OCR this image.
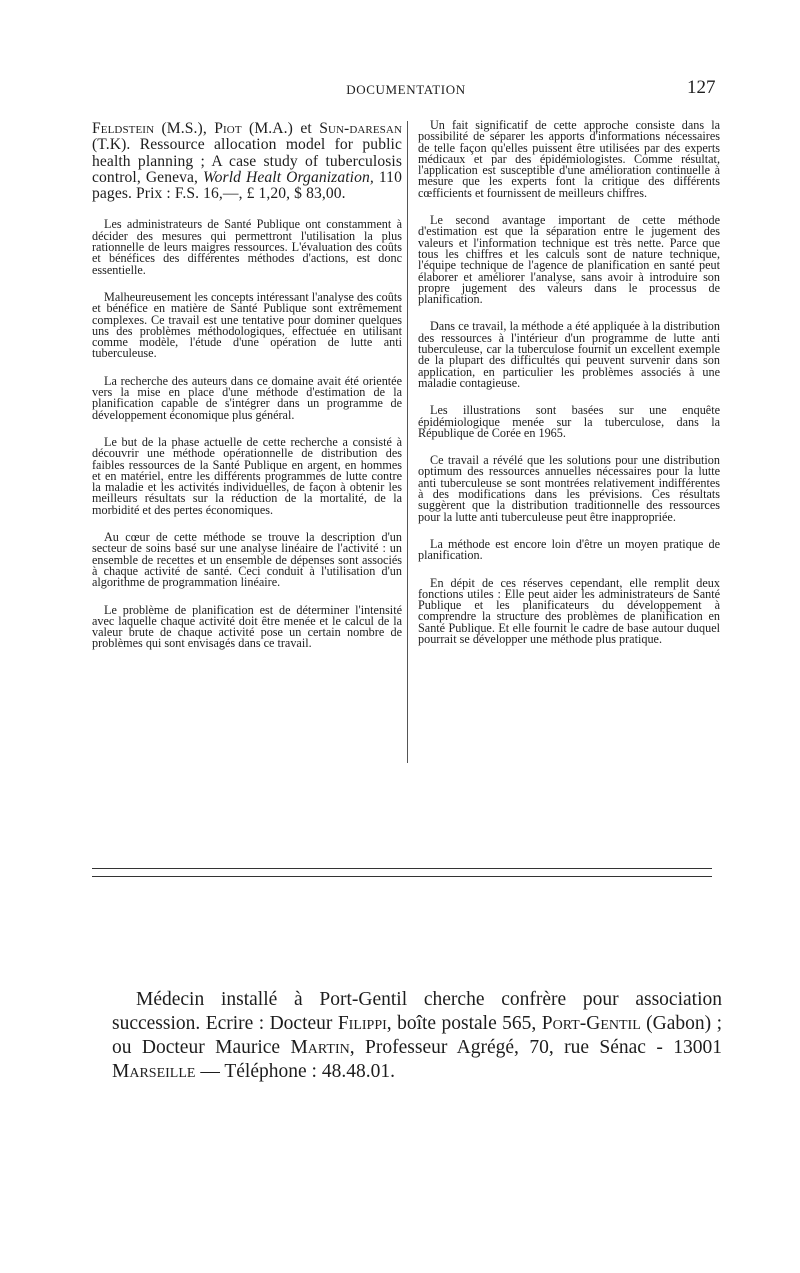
DOCUMENTATION	127

Feldstein (M.S.), Piot (M.A.) et Sun-daresan (T.K). Ressource allocation model for public health planning ; A case study of tuberculosis control, Geneva, World Healt Organization, 110 pages. Prix : F.S. 16,—, £ 1,20, $ 83,00.

Les administrateurs de Santé Publique ont constamment à décider des mesures qui permettront l'utilisation la plus rationnelle de leurs maigres ressources. L'évaluation des coûts et bénéfices des différentes méthodes d'actions, est donc essentielle.

Malheureusement les concepts intéressant l'analyse des coûts et bénéfice en matière de Santé Publique sont extrêmement complexes. Ce travail est une tentative pour dominer quelques uns des problèmes méthodologiques, effectuée en utilisant comme modèle, l'étude d'une opération de lutte anti tuberculeuse.

La recherche des auteurs dans ce domaine avait été orientée vers la mise en place d'une méthode d'estimation de la planification capable de s'intégrer dans un programme de développement économique plus général.

Le but de la phase actuelle de cette recherche a consisté à découvrir une méthode opérationnelle de distribution des faibles ressources de la Santé Publique en argent, en hommes et en matériel, entre les différents programmes de lutte contre la maladie et les activités individuelles, de façon à obtenir les meilleurs résultats sur la réduction de la mortalité, de la morbidité et des pertes économiques.

Au cœur de cette méthode se trouve la description d'un secteur de soins basé sur une analyse linéaire de l'activité : un ensemble de recettes et un ensemble de dépenses sont associés à chaque activité de santé. Ceci conduit à l'utilisation d'un algorithme de programmation linéaire.

Le problème de planification est de déterminer l'intensité avec laquelle chaque activité doit être menée et le calcul de la valeur brute de chaque activité pose un certain nombre de problèmes qui sont envisagés dans ce travail.

Un fait significatif de cette approche consiste dans la possibilité de séparer les apports d'informations nécessaires de telle façon qu'elles puissent être utilisées par des experts médicaux et par des épidémiologistes. Comme résultat, l'application est susceptible d'une amélioration continuelle à mesure que les experts font la critique des différents cœfficients et fournissent de meilleurs chiffres.

Le second avantage important de cette méthode d'estimation est que la séparation entre le jugement des valeurs et l'information technique est très nette. Parce que tous les chiffres et les calculs sont de nature technique, l'équipe technique de l'agence de planification en santé peut élaborer et améliorer l'analyse, sans avoir à introduire son propre jugement des valeurs dans le processus de planification.

Dans ce travail, la méthode a été appliquée à la distribution des ressources à l'intérieur d'un programme de lutte anti tuberculeuse, car la tuberculose fournit un excellent exemple de la plupart des difficultés qui peuvent survenir dans son application, en particulier les problèmes associés à une maladie contagieuse.

Les illustrations sont basées sur une enquête épidémiologique menée sur la tuberculose, dans la République de Corée en 1965.

Ce travail a révélé que les solutions pour une distribution optimum des ressources annuelles nécessaires pour la lutte anti tuberculeuse se sont montrées relativement indifférentes à des modifications dans les prévisions. Ces résultats suggèrent que la distribution traditionnelle des ressources pour la lutte anti tuberculeuse peut être inappropriée.

La méthode est encore loin d'être un moyen pratique de planification.

En dépit de ces réserves cependant, elle remplit deux fonctions utiles : Elle peut aider les administrateurs de Santé Publique et les planificateurs du développement à comprendre la structure des problèmes de planification en Santé Publique. Et elle fournit le cadre de base autour duquel pourrait se développer une méthode plus pratique.

Médecin installé à Port-Gentil cherche confrère pour association succession. Ecrire : Docteur Filippi, boîte postale 565, Port-Gentil (Gabon) ; ou Docteur Maurice Martin, Professeur Agrégé, 70, rue Sénac - 13001 Marseille — Téléphone : 48.48.01.
